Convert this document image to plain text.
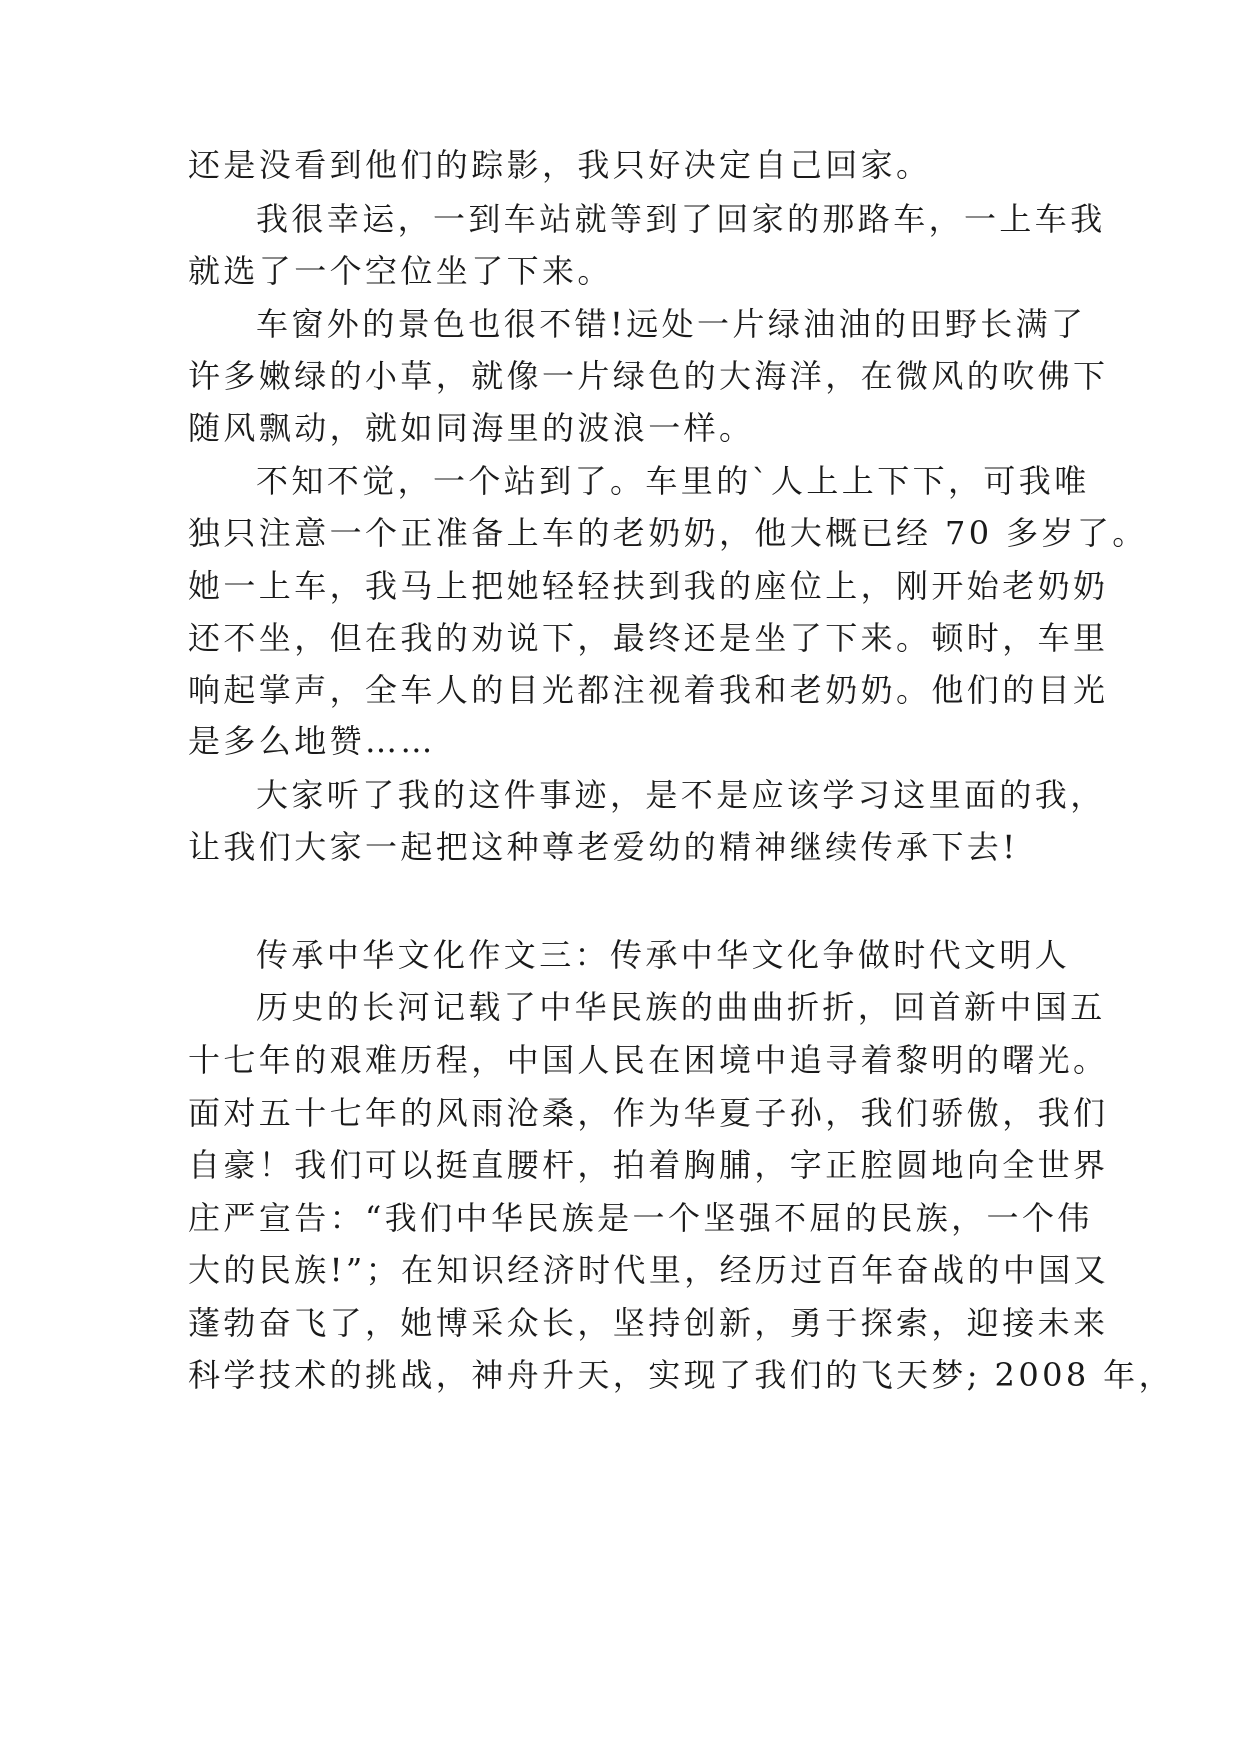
还是没看到他们的踪影，我只好决定自己回家。
我很幸运，一到车站就等到了回家的那路车，一上车我
就选了一个空位坐了下来。
车窗外的景色也很不错!远处一片绿油油的田野长满了
许多嫩绿的小草，就像一片绿色的大海洋，在微风的吹佛下
随风飘动，就如同海里的波浪一样。
不知不觉，一个站到了。车里的`人上上下下，可我唯
独只注意一个正准备上车的老奶奶，他大概已经 70 多岁了。
她一上车，我马上把她轻轻扶到我的座位上，刚开始老奶奶
还不坐，但在我的劝说下，最终还是坐了下来。顿时，车里
响起掌声，全车人的目光都注视着我和老奶奶。他们的目光
是多么地赞……
大家听了我的这件事迹，是不是应该学习这里面的我，
让我们大家一起把这种尊老爱幼的精神继续传承下去!
传承中华文化作文三：传承中华文化争做时代文明人
历史的长河记载了中华民族的曲曲折折，回首新中国五
十七年的艰难历程，中国人民在困境中追寻着黎明的曙光。
面对五十七年的风雨沧桑，作为华夏子孙，我们骄傲，我们
自豪！我们可以挺直腰杆，拍着胸脯，字正腔圆地向全世界
庄严宣告：“我们中华民族是一个坚强不屈的民族，一个伟
大的民族!”；在知识经济时代里，经历过百年奋战的中国又
蓬勃奋飞了，她博采众长，坚持创新，勇于探索，迎接未来
科学技术的挑战，神舟升天，实现了我们的飞天梦; 2008 年，
